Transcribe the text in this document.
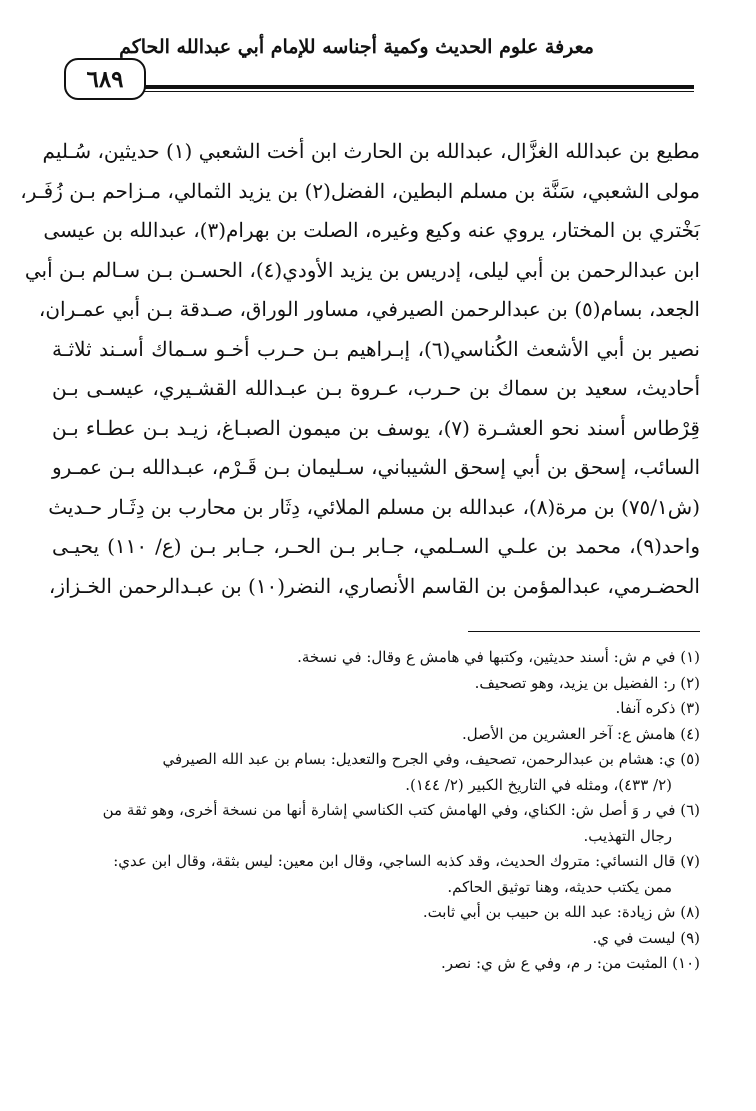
معرفة علوم الحديث وكمية أجناسه للإمام أبي عبدالله الحاكم
٦٨٩
مطيع بن عبدالله الغزَّال، عبدالله بن الحارث ابن أخت الشعبي (١) حديثين، سُـليم
مولى الشعبي، سَنَّة بن مسلم البطين، الفضل(٢) بن يزيد الثمالي، مـزاحم بـن زُفَـر،
بَخْتري بن المختار، يروي عنه وكيع وغيره، الصلت بن بهرام(٣)، عبدالله بن عيسى
ابن عبدالرحمن بن أبي ليلى، إدريس بن يزيد الأودي(٤)، الحسـن بـن سـالم بـن أبي
الجعد، بسام(٥) بن عبدالرحمن الصيرفي، مساور الوراق، صـدقة بـن أبي عمـران،
نصير بن أبي الأشعث الكُناسي(٦)، إبـراهيم بـن حـرب أخـو سـماك أسـند ثلاثـة
أحاديث، سعيد بن سماك بن حـرب، عـروة بـن عبـدالله القشـيري، عيسـى بـن
قِرْطاس أسند نحو العشـرة (٧)، يوسف بن ميمون الصبـاغ، زيـد بـن عطـاء بـن
السائب، إسحق بن أبي إسحق الشيباني، سـليمان بـن قَـرْم، عبـدالله بـن عمـرو
(ش٧٥/١) بن مرة(٨)، عبدالله بن مسلم الملائي، دِثَار بن محارب بن دِثَـار حـديث
واحد(٩)، محمد بن علـي السـلمي، جـابر بـن الحـر، جـابر بـن (ع/ ١١٠) يحيـى
الحضـرمي، عبدالمؤمن بن القاسم الأنصاري، النضر(١٠) بن عبـدالرحمن الخـزاز،
(١) في م ش: أسند حديثين، وكتبها في هامش ع وقال: في نسخة.
(٢) ر: الفضيل بن يزيد، وهو تصحيف.
(٣) ذكره آنفا.
(٤) هامش ع: آخر العشرين من الأصل.
(٥) ي: هشام بن عبدالرحمن، تصحيف، وفي الجرح والتعديل: بسام بن عبد الله الصيرفي
(٢/ ٤٣٣)، ومثله في التاريخ الكبير (٢/ ١٤٤).
(٦) في ر وَ أصل ش: الكناي، وفي الهامش كتب الكناسي إشارة أنها من نسخة أخرى، وهو ثقة من
رجال التهذيب.
(٧) قال النسائي: متروك الحديث، وقد كذبه الساجي، وقال ابن معين: ليس بثقة، وقال ابن عدي:
ممن يكتب حديثه، وهنا توثيق الحاكم.
(٨) ش زيادة: عبد الله بن حبيب بن أبي ثابت.
(٩) ليست في ي.
(١٠) المثبت من: ر م، وفي ع ش ي: نصر.
